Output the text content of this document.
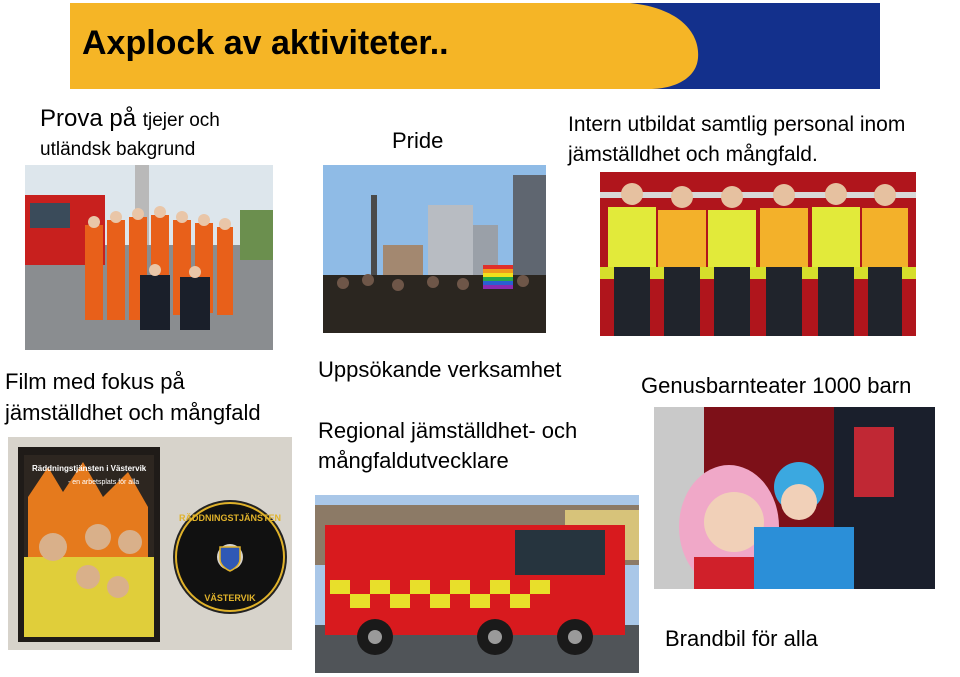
Axplock av aktiviteter..
Prova på tjejer och
utländsk bakgrund	Pride
Intern utbildat samtlig personal inom
jämställdhet och mångfald.
Film med fokus på
jämställdhet och mångfald
Uppsökande verksamhet
Regional jämställdhet- och
mångfaldutvecklare
Genusbarnteater 1000 barn
Brandbil för alla
Räddningstjänsten i Västervik
- en arbetsplats för alla
RÄDDNINGSTJÄNSTEN
VÄSTERVIK
